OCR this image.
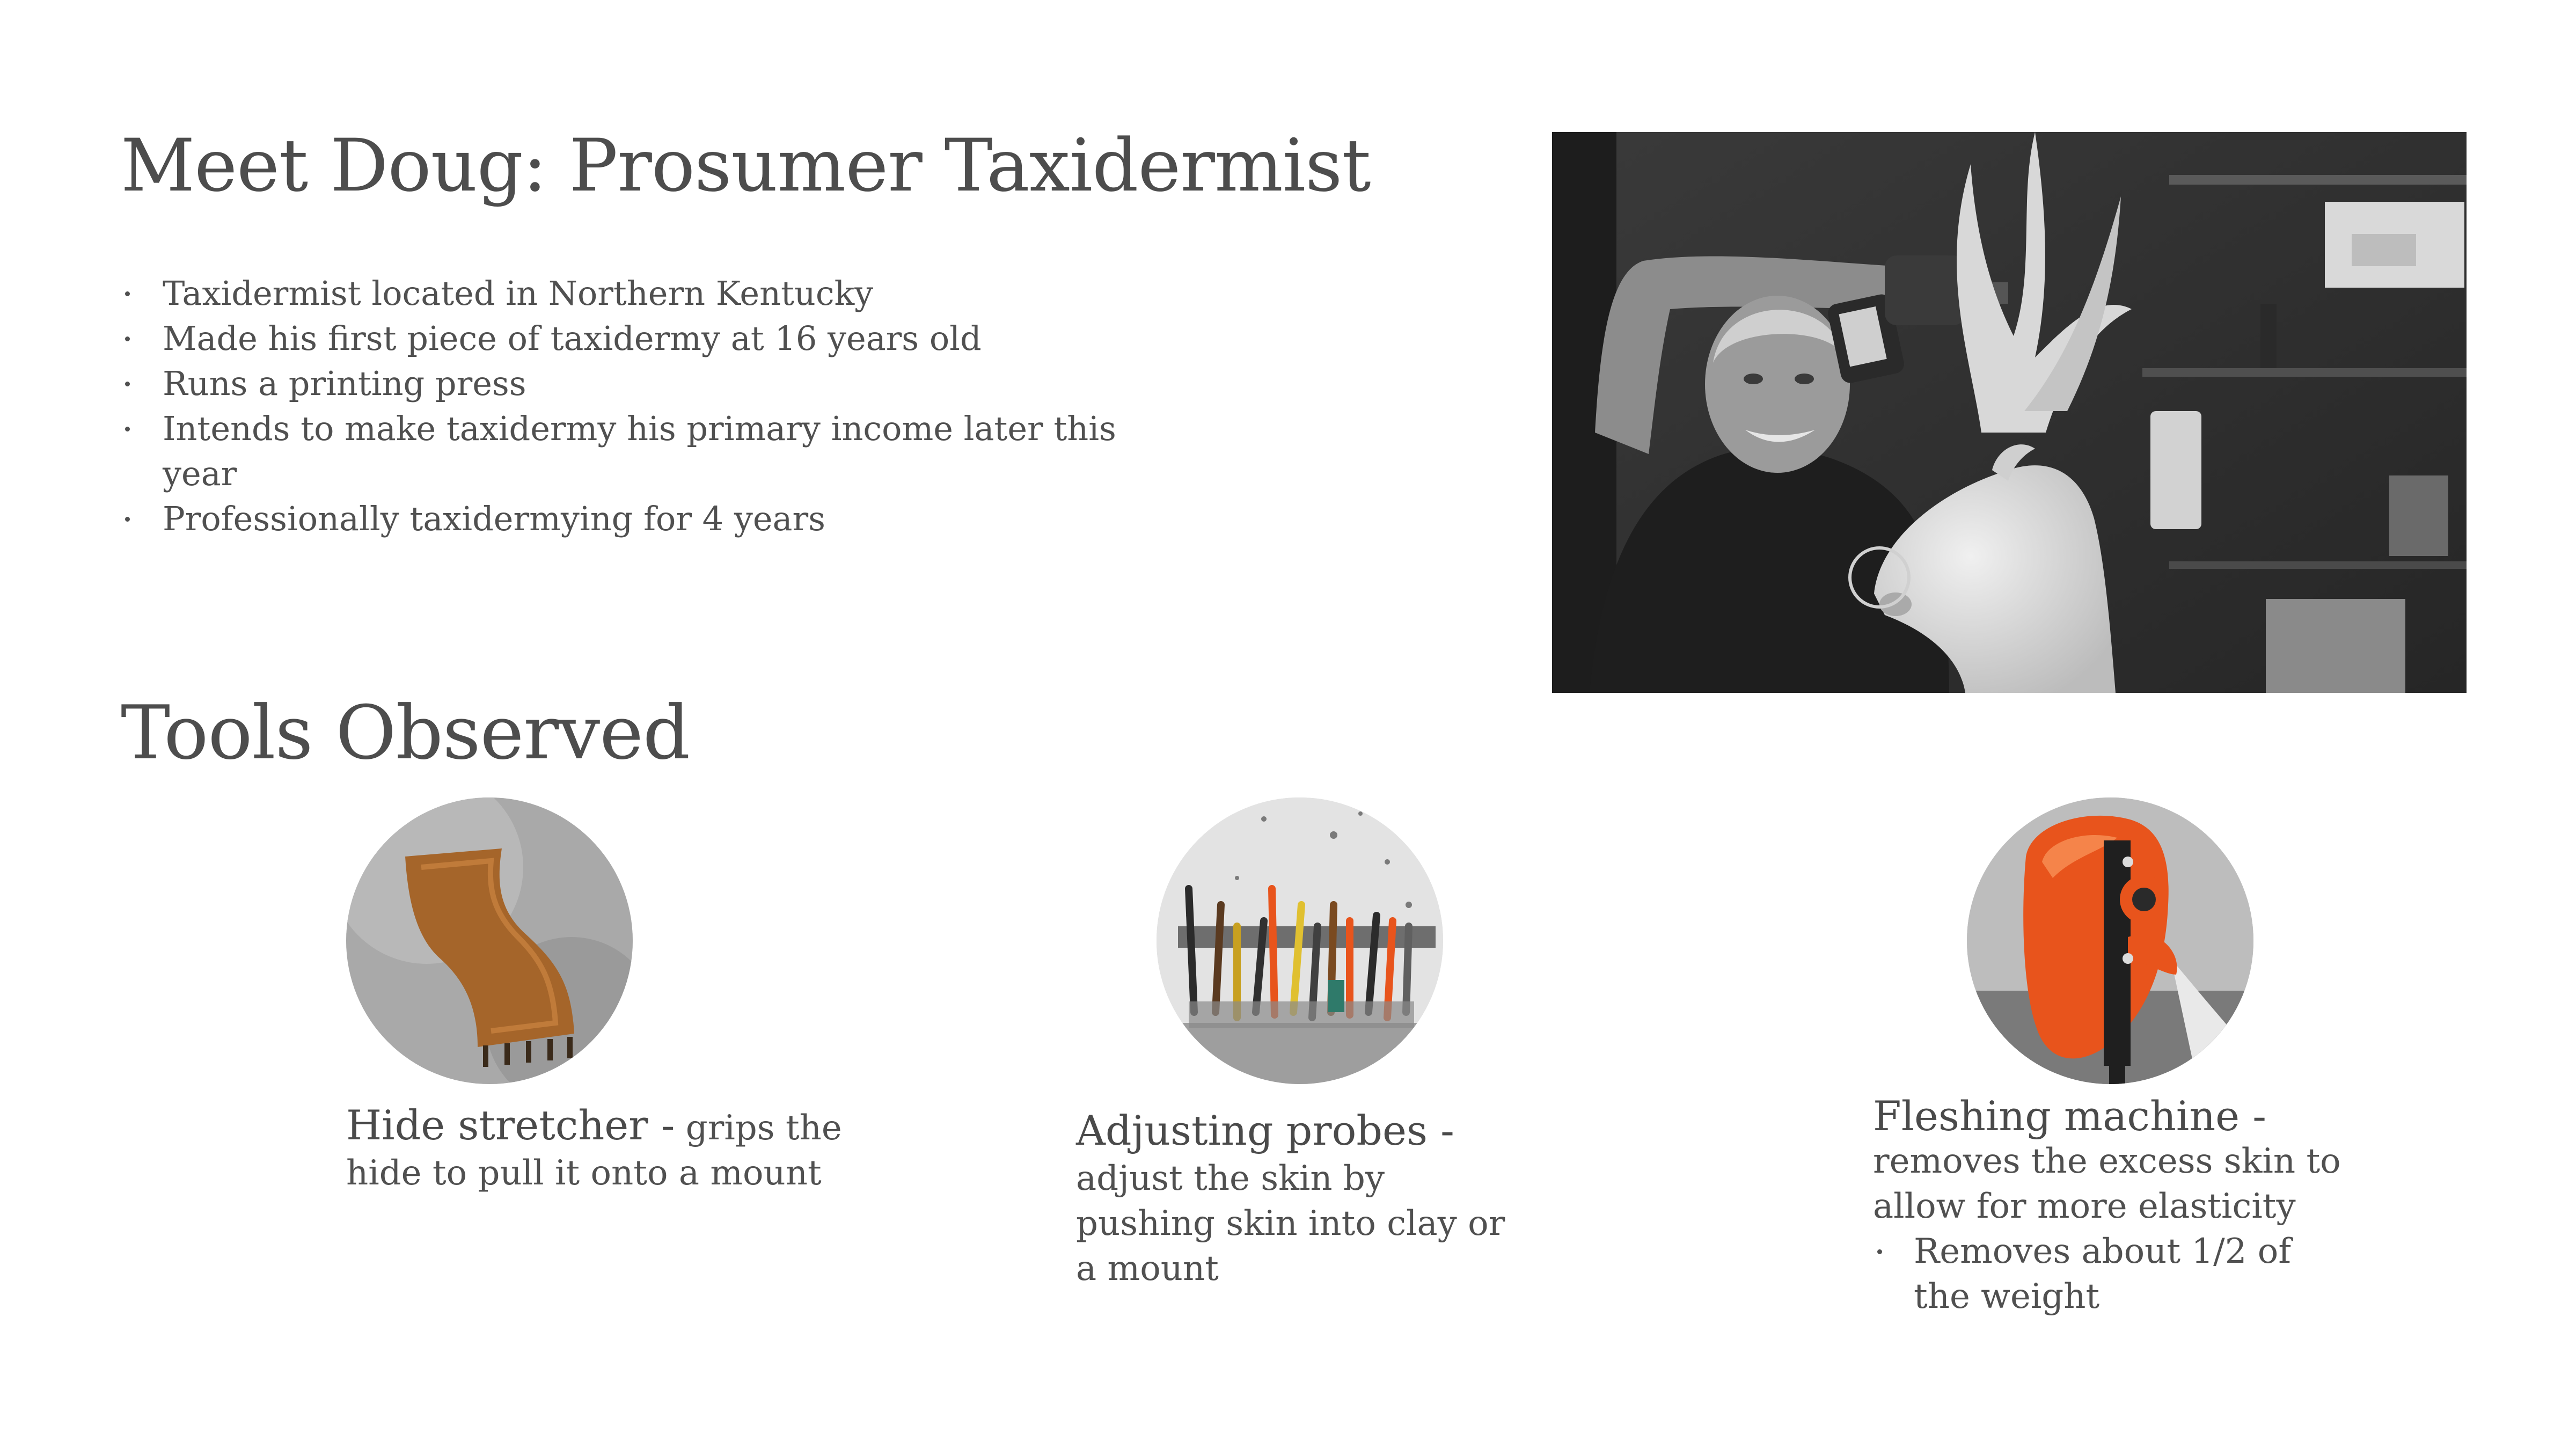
Meet Doug: Prosumer Taxidermist
Taxidermist located in Northern Kentucky
Made his first piece of taxidermy at 16 years old
Runs a printing press
Intends to make taxidermy his primary income later this year
Professionally taxidermying for 4 years
Tools Observed
Hide stretcher - grips the hide to pull it onto a mount
Adjusting probes - adjust the skin by pushing skin into clay or a mount
Fleshing machine -
removes the excess skin to allow for more elasticity
Removes about 1/2 of the weight
